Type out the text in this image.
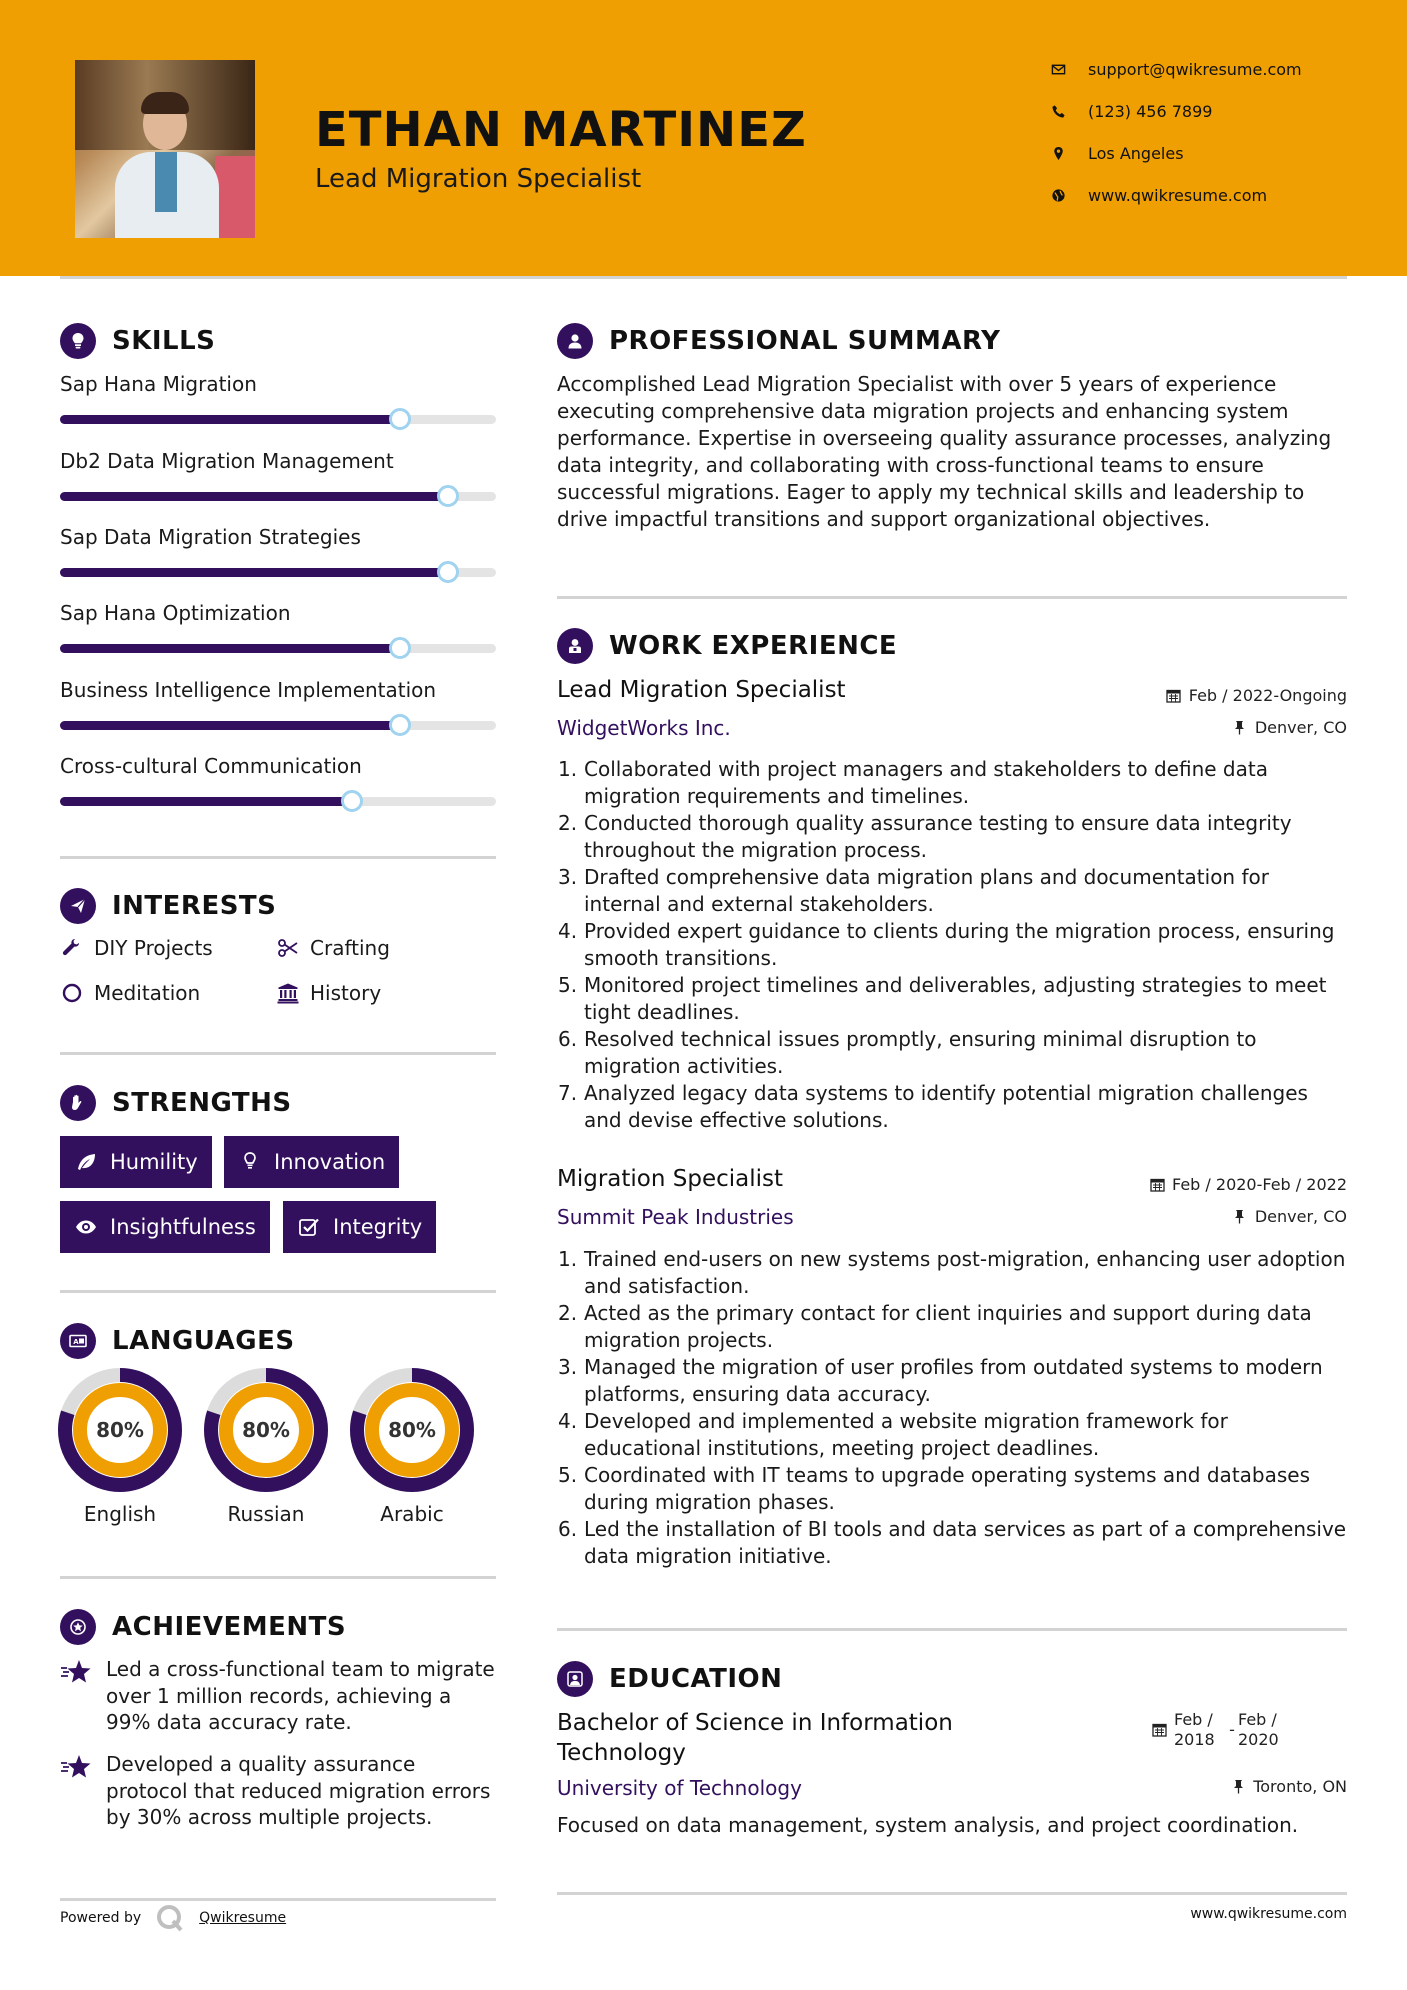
ETHAN MARTINEZ
Lead Migration Specialist
support@qwikresume.com
(123) 456 7899
Los Angeles
www.qwikresume.com
SKILLS
Sap Hana Migration
Db2 Data Migration Management
Sap Data Migration Strategies
Sap Hana Optimization
Business Intelligence Implementation
Cross-cultural Communication
INTERESTS
DIY Projects	Crafting
Meditation	History
STRENGTHS
Humility	Innovation
Insightfulness	Integrity
A LANGUAGES
80%
English
80%
Russian
80%
Arabic
ACHIEVEMENTS
Led a cross-functional team to migrate over 1 million records, achieving a 99% data accuracy rate.
Developed a quality assurance protocol that reduced migration errors by 30% across multiple projects.
PROFESSIONAL SUMMARY
Accomplished Lead Migration Specialist with over 5 years of experience executing comprehensive data migration projects and enhancing system performance. Expertise in overseeing quality assurance processes, analyzing data integrity, and collaborating with cross-functional teams to ensure successful migrations. Eager to apply my technical skills and leadership to drive impactful transitions and support organizational objectives.
WORK EXPERIENCE
Lead Migration Specialist	Feb / 2022-Ongoing
WidgetWorks Inc.	Denver, CO
1. Collaborated with project managers and stakeholders to define data migration requirements and timelines.
2. Conducted thorough quality assurance testing to ensure data integrity throughout the migration process.
3. Drafted comprehensive data migration plans and documentation for internal and external stakeholders.
4. Provided expert guidance to clients during the migration process, ensuring smooth transitions.
5. Monitored project timelines and deliverables, adjusting strategies to meet tight deadlines.
6. Resolved technical issues promptly, ensuring minimal disruption to migration activities.
7. Analyzed legacy data systems to identify potential migration challenges and devise effective solutions.
Migration Specialist	Feb / 2020-Feb / 2022
Summit Peak Industries	Denver, CO
1. Trained end-users on new systems post-migration, enhancing user adoption and satisfaction.
2. Acted as the primary contact for client inquiries and support during data migration projects.
3. Managed the migration of user profiles from outdated systems to modern platforms, ensuring data accuracy.
4. Developed and implemented a website migration framework for educational institutions, meeting project deadlines.
5. Coordinated with IT teams to upgrade operating systems and databases during migration phases.
6. Led the installation of BI tools and data services as part of a comprehensive data migration initiative.
EDUCATION
Bachelor of Science in Information Technology
Feb / 2018
-
Feb / 2020
University of Technology	Toronto, ON
Focused on data management, system analysis, and project coordination.
Powered by	Qwikresume	www.qwikresume.com
